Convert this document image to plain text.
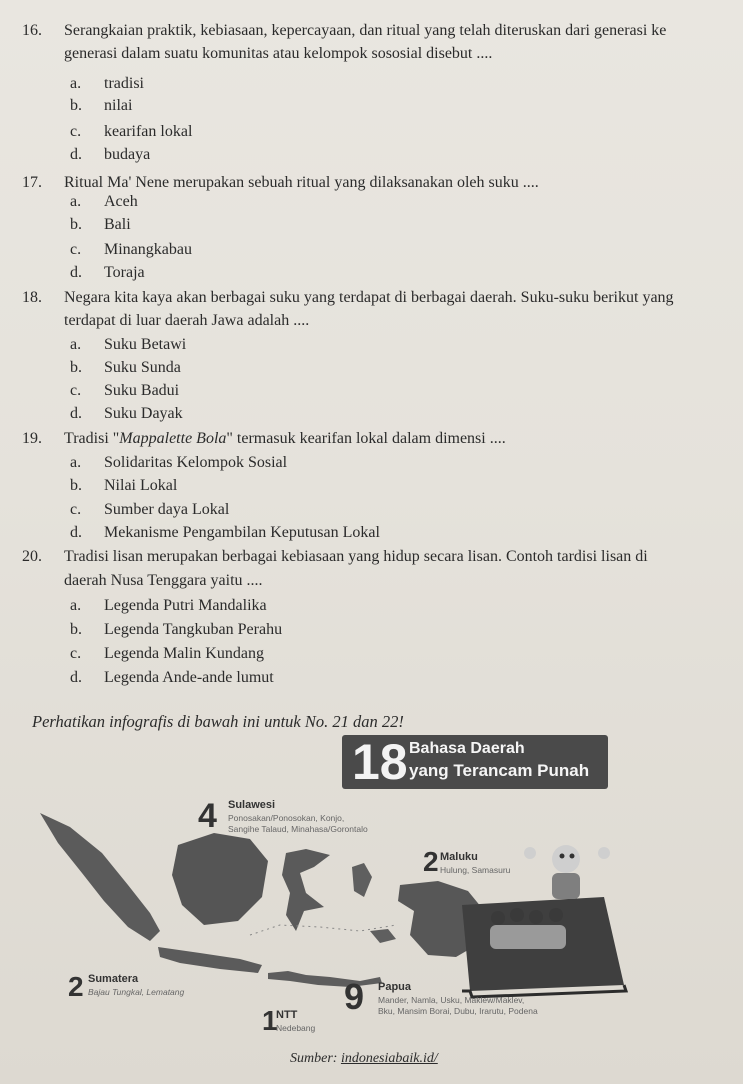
16. Serangkaian praktik, kebiasaan, kepercayaan, dan ritual yang telah diteruskan dari generasi ke
generasi dalam suatu komunitas atau kelompok sososial disebut ....
a. tradisi
b. nilai
c. kearifan lokal
d. budaya
17. Ritual Ma' Nene merupakan sebuah ritual yang dilaksanakan oleh suku ....
a. Aceh
b. Bali
c. Minangkabau
d. Toraja
18. Negara kita kaya akan berbagai suku yang terdapat di berbagai daerah. Suku-suku berikut yang
terdapat di luar daerah Jawa adalah ....
a. Suku Betawi
b. Suku Sunda
c. Suku Badui
d. Suku Dayak
19. Tradisi "Mappalette Bola" termasuk kearifan lokal dalam dimensi ....
a. Solidaritas Kelompok Sosial
b. Nilai Lokal
c. Sumber daya Lokal
d. Mekanisme Pengambilan Keputusan Lokal
20. Tradisi lisan merupakan berbagai kebiasaan yang hidup secara lisan. Contoh tardisi lisan di
daerah Nusa Tenggara yaitu ....
a. Legenda Putri Mandalika
b. Legenda Tangkuban Perahu
c. Legenda Malin Kundang
d. Legenda Ande-ande lumut
Perhatikan infografis di bawah ini untuk No. 21 dan 22!
18 Bahasa Daerah
yang Terancam Punah
4 Sulawesi
Ponosakan/Ponosokan, Konjo,
Sangihe Talaud, Minahasa/Gorontalo
2 Maluku
Hulung, Samasuru
2 Sumatera
Bajau Tungkal, Lematang	9 Papua
Mander, Namla, Usku, Maklew/Maklev,
Bku, Mansim Borai, Dubu, Irarutu, Podena
1
NTT
Nedebang
Sumber: indonesiabaik.id/
